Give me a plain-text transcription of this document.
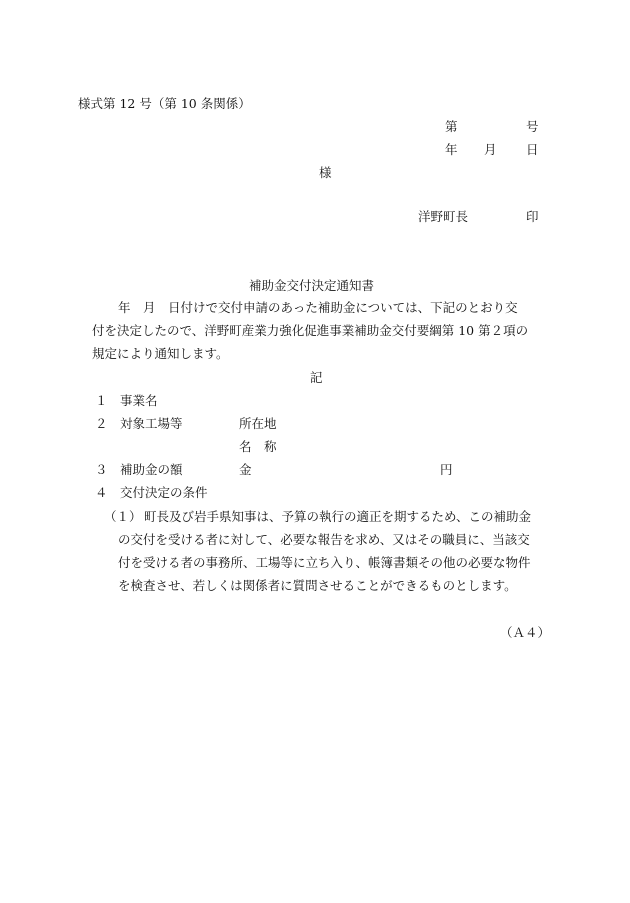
様式第 12 号（第 10 条関係）
第	号
年 月 日
様
洋野町長	印
補助金交付決定通知書
年　月　日付けで交付申請のあった補助金については、下記のとおり交
付を決定したので、洋野町産業力強化促進事業補助金交付要綱第 10 第２項の
規定により通知します。
記
１ 事業名
２ 対象工場等	所在地
名　称
３ 補助金の額	金	円
４ 交付決定の条件
（１） 町長及び岩手県知事は、予算の執行の適正を期するため、この補助金
の交付を受ける者に対して、必要な報告を求め、又はその職員に、当該交
付を受ける者の事務所、工場等に立ち入り、帳簿書類その他の必要な物件
を検査させ、若しくは関係者に質問させることができるものとします。
（Ａ４）
